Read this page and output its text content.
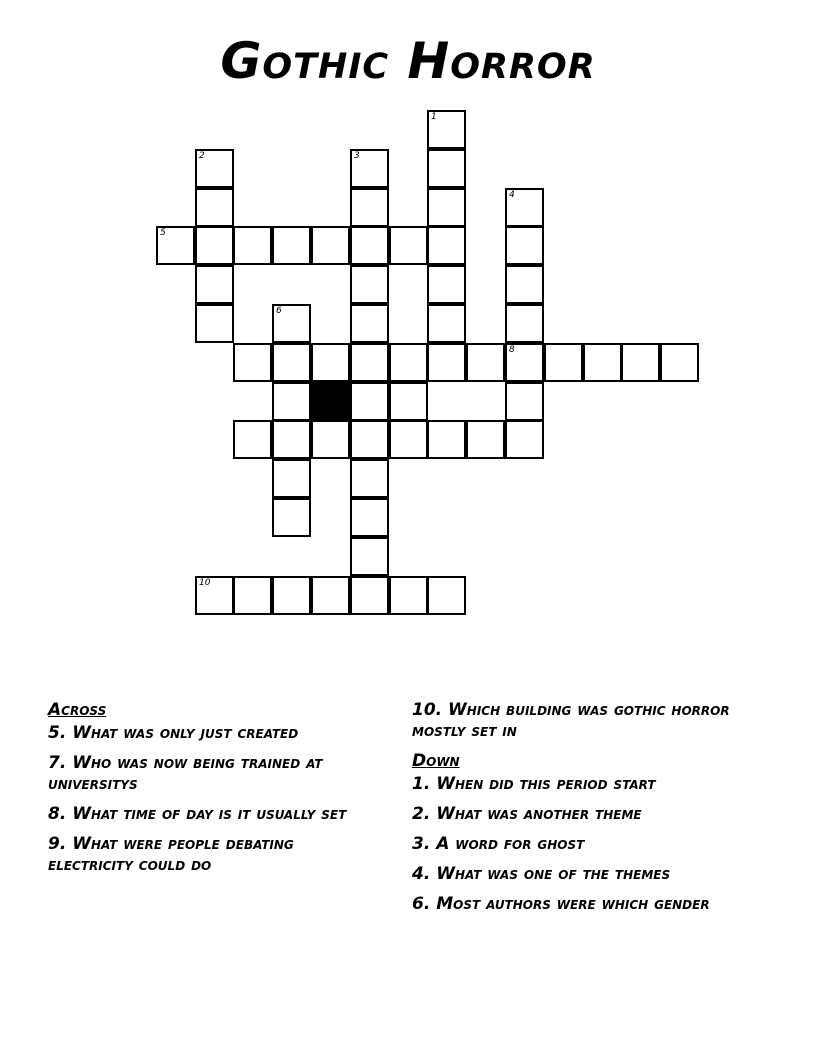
Gothic Horror
1
2	3
4
8
5
6
10
Across
5. What was only just created
7. Who was now being trained at universitys
8. What time of day is it usually set
9. What were people debating electricity could do
10. Which building was gothic horror mostly set in
Down
1. When did this period start
2. What was another theme
3. A word for ghost
4. What was one of the themes
6. Most authors were which gender
